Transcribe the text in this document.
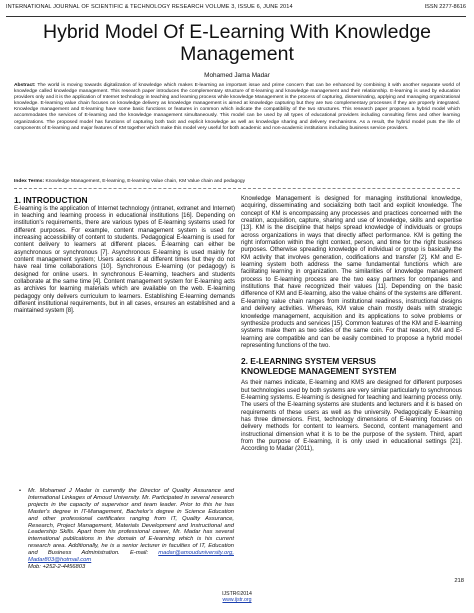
INTERNATIONAL JOURNAL OF SCIENTIFIC & TECHNOLOGY RESEARCH VOLUME 3, ISSUE 6, JUNE 2014	ISSN 2277-8616
Hybrid Model Of E-Learning With Knowledge
Management
Mohamed Jama Madar

Abstract: The world is moving towards digitalization of knowledge which makes E-learning an important issue and prime concern that can be enhanced by combining it with another separate world of knowledge called knowledge management. This research paper introduces the complementary structure of E-learning and knowledge management and their relationship. E-learning is used by education providers only and it is the application of Internet technology in teaching and learning process while knowledge Management is the process of capturing, disseminating, applying and managing organizational knowledge. E-learning value chain focuses on knowledge delivery as knowledge management is aimed at knowledge capturing but they are two complementary processes if they are properly integrated. Knowledge management and E-learning have some basic functions or features in common which indicate the compatibility of the two structures. This research paper proposes a hybrid model which accommodates the services of E-learning and the knowledge management simultaneously. This model can be used by all types of educational providers including consulting firms and other learning organizations. The proposed model has functions of capturing both tacit and explicit knowledge as well as knowledge sharing and delivery mechanisms. As a result, the hybrid model puts the life of components of E-learning and major features of KM together which make this model very useful for both academic and non-academic institutions including business service providers.

Index Terms: Knowledge Management, E-learning, E-learning Value chain, KM Value chain and pedagogy

1. INTRODUCTION

E-learning is the application of Internet technology (intranet, extranet and Internet) in teaching and learning process in educational institutions [16]. Depending on institution's requirements, there are various types of E-learning systems used for different purposes. For example, content management system is used for increasing accessibility of content to students. Pedagogical E-learning is used for content delivery to learners at different places. E-learning can either be asynchronous or synchronous [7]. Asynchronous E-learning is used mainly for content management system; Users access it at different times but they do not have real time collaborations [10]. Synchronous E-learning (or pedagogy) is designed for online users. In synchronous E-learning, teachers and students collaborate at the same time [4]. Content management system for E-learning acts as archives for learning materials which are available on the web. E-learning pedagogy only delivers curriculum to learners. Establishing E-learning demands different institutional requirements, but in all cases, ensures an established and a maintained system [8].

• Mr. Mohamed J Madar is currently the Director of Quality Assurance and International Linkages of Amoud University. Mr. Participated in several research projects in the capacity of supervisor and team leader. Prior to this he has Master's degree in IT-Management, Bachelor's degree in Science Education and other professional certificates ranging from IT, Quality Assurance, Research, Project Management, Materials Development and Instructional and Leadership Skills. Apart from his professional career, Mr. Madar has several international publications in the domain of E-learning which is his current research area. Additionally, he is a senior lecturer in faculties of IT, Education and Business Administration. E-mail: madar@amouduniversity.org, Madar803@hotmail.com
Mob: +252-2-4456803

Knowledge Management is designed for managing institutional knowledge, acquiring, disseminating and socializing both tacit and explicit knowledge. The concept of KM is encompassing any processes and practices concerned with the creation, acquisition, capture, sharing and use of knowledge, skills and expertise [13]. KM is the discipline that helps spread knowledge of individuals or groups across organizations in ways that directly affect performance. KM is getting the right information within the right context, person, and time for the right business purposes. Otherwise spreading knowledge of individual or group is basically the KM activity that involves generation, codifications and transfer [2]. KM and E-learning system both address the same fundamental functions which are facilitating learning in organization. The similarities of knowledge management process to E-learning process are the two easy partners for companies and institutions that have recognized their values [11]. Depending on the basic difference of KM and E-learning, also the value chains of the systems are different. E-learning value chain ranges from institutional readiness, instructional designs and delivery activities. Whereas, KM value chain mostly deals with strategic knowledge management, acquisition and its applications to solve problems or synthesize products and services [15]. Common features of the KM and E-learning systems make them as two sides of the same coin. For that reason, KM and E-learning are compatible and can be easily combined to propose a hybrid model representing functions of the two.

2. E-LEARNING SYSTEM VERSUS
KNOWLEDGE MANAGEMENT SYSTEM

As their names indicate, E-learning and KMS are designed for different purposes but technologies used by both systems are very similar particularly to synchronous E-learning systems. E-learning is designed for teaching and learning process only. The users of the E-learning systems are students and lecturers and it is based on requirements of these users as well as the university. Pedagogically E-learning has three dimensions. First, technology dimensions of E-learning focuses on delivery methods for content to learners. Second, content management and instructional dimension what it is to be the purpose of the system. Third, apart from the purpose of E-learning, it is only used in educational settings [21]. According to Madar (2011),

218
IJSTR©2014
www.ijstr.org
